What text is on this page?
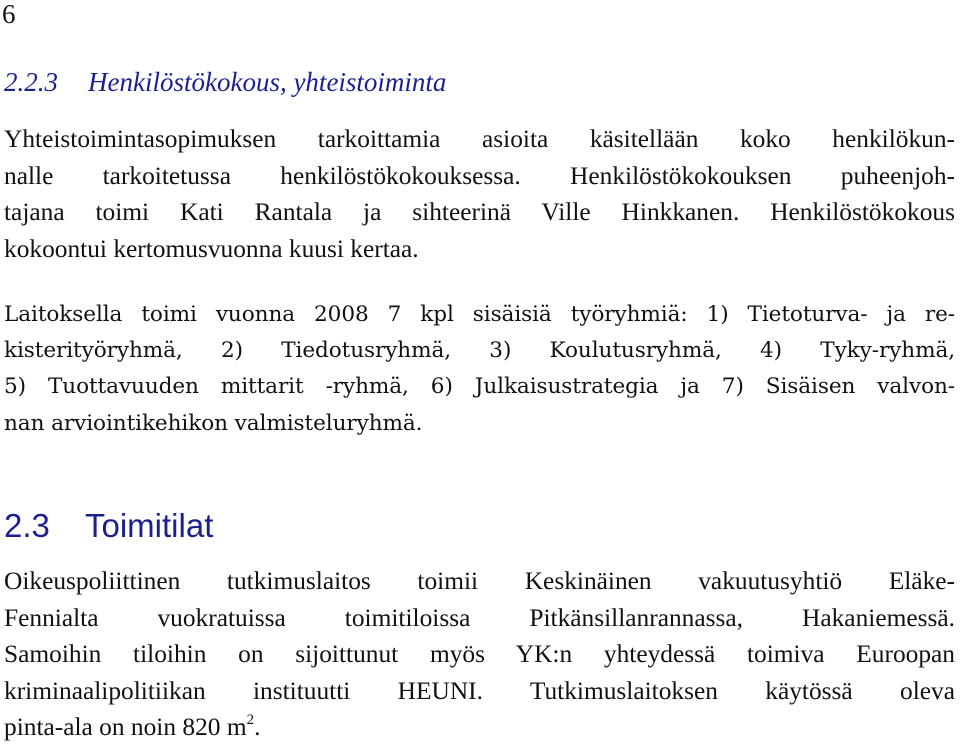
6
2.2.3 Henkilöstökokous, yhteistoiminta
Yhteistoimintasopimuksen tarkoittamia asioita käsitellään koko henkilökun-
nalle tarkoitetussa henkilöstökokouksessa. Henkilöstökokouksen puheenjoh-
tajana toimi Kati Rantala ja sihteerinä Ville Hinkkanen. Henkilöstökokous
kokoontui kertomusvuonna kuusi kertaa.
Laitoksella toimi vuonna 2008 7 kpl sisäisiä työryhmiä: 1) Tietoturva- ja re-
kisterityöryhmä, 2) Tiedotusryhmä, 3) Koulutusryhmä, 4) Tyky-ryhmä,
5) Tuottavuuden mittarit -ryhmä, 6) Julkaisustrategia ja 7) Sisäisen valvon-
nan arviointikehikon valmisteluryhmä.
2.3 Toimitilat
Oikeuspoliittinen tutkimuslaitos toimii Keskinäinen vakuutusyhtiö Eläke-
Fennialta vuokratuissa toimitiloissa Pitkänsillanrannassa, Hakaniemessä.
Samoihin tiloihin on sijoittunut myös YK:n yhteydessä toimiva Euroopan
kriminaalipolitiikan instituutti HEUNI. Tutkimuslaitoksen käytössä oleva
pinta-ala on noin 820 $m^2$.
